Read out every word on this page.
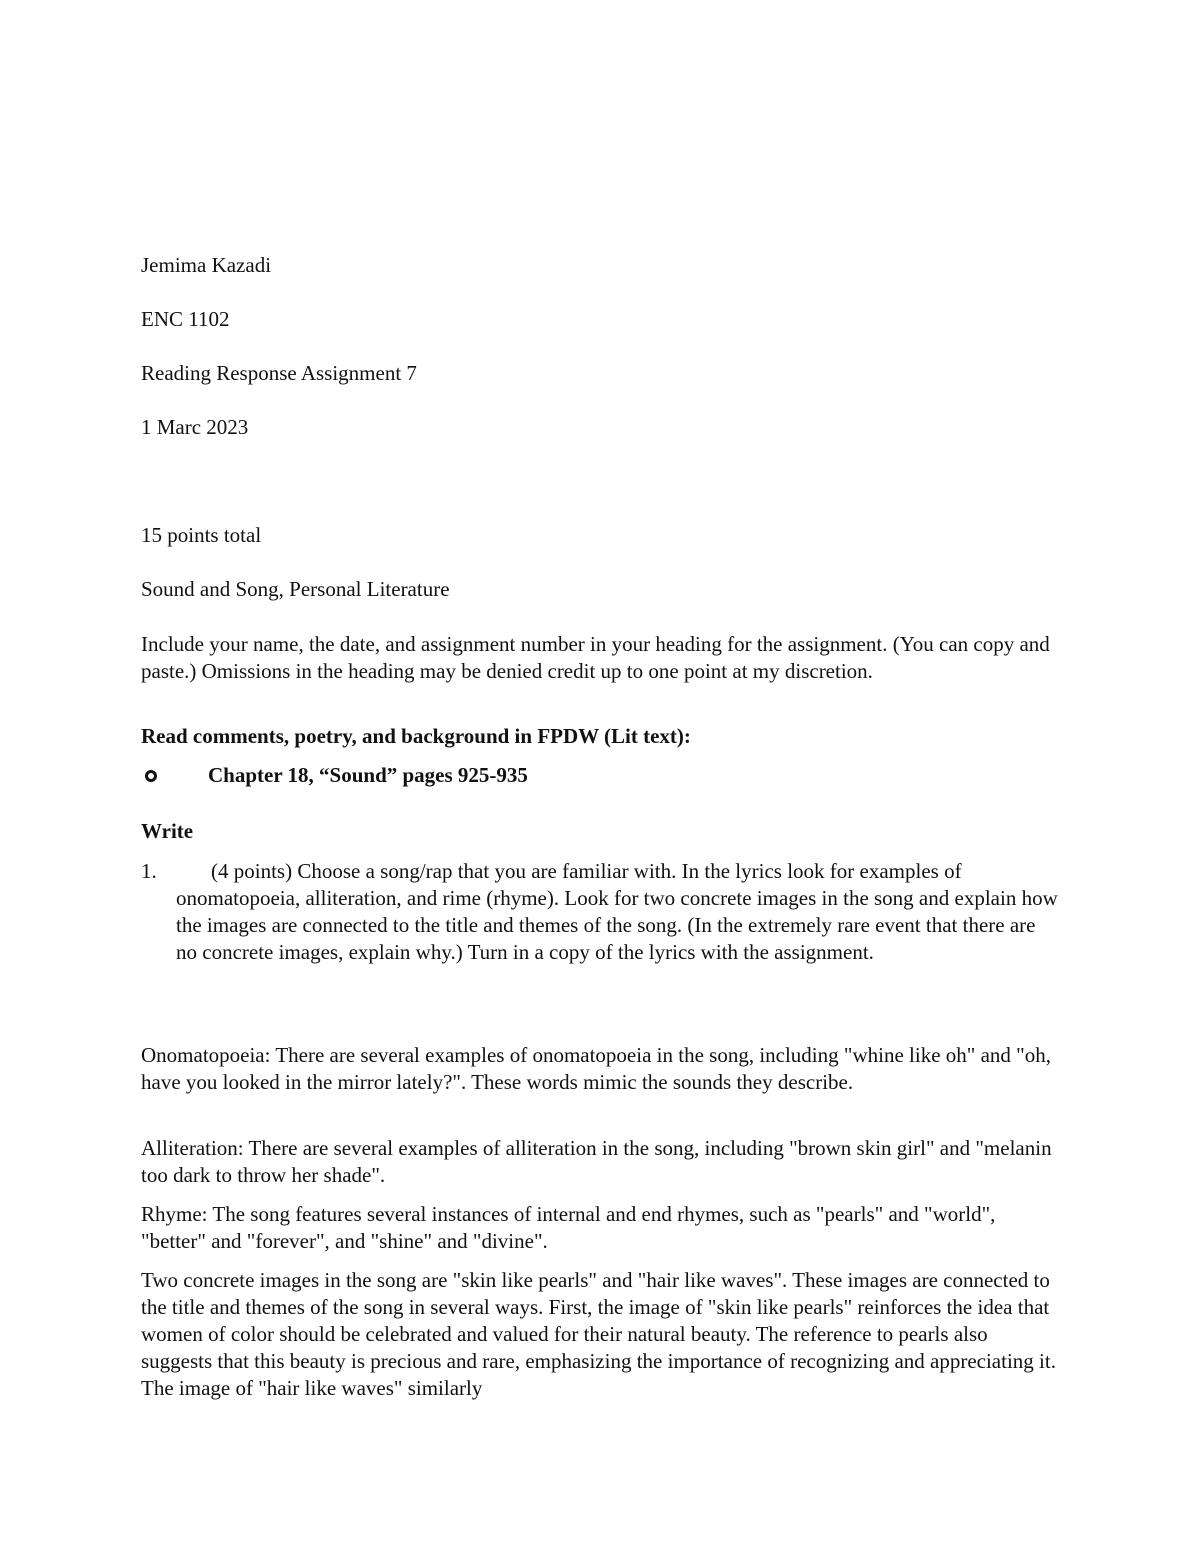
Jemima Kazadi

ENC 1102

Reading Response Assignment 7

1 Marc 2023

15 points total

Sound and Song, Personal Literature

Include your name, the date, and assignment number in your heading for the assignment. (You can copy and paste.) Omissions in the heading may be denied credit up to one point at my discretion.

Read comments, poetry, and background in FPDW (Lit text):

Chapter 18, “Sound” pages 925-935

Write

1.	(4 points) Choose a song/rap that you are familiar with. In the lyrics look for examples of onomatopoeia, alliteration, and rime (rhyme). Look for two concrete images in the song and explain how the images are connected to the title and themes of the song. (In the extremely rare event that there are no concrete images, explain why.) Turn in a copy of the lyrics with the assignment.

Onomatopoeia: There are several examples of onomatopoeia in the song, including "whine like oh" and "oh, have you looked in the mirror lately?". These words mimic the sounds they describe.

Alliteration: There are several examples of alliteration in the song, including "brown skin girl" and "melanin too dark to throw her shade".

Rhyme: The song features several instances of internal and end rhymes, such as "pearls" and "world", "better" and "forever", and "shine" and "divine".

Two concrete images in the song are "skin like pearls" and "hair like waves". These images are connected to the title and themes of the song in several ways. First, the image of "skin like pearls" reinforces the idea that women of color should be celebrated and valued for their natural beauty. The reference to pearls also suggests that this beauty is precious and rare, emphasizing the importance of recognizing and appreciating it. The image of "hair like waves" similarly
